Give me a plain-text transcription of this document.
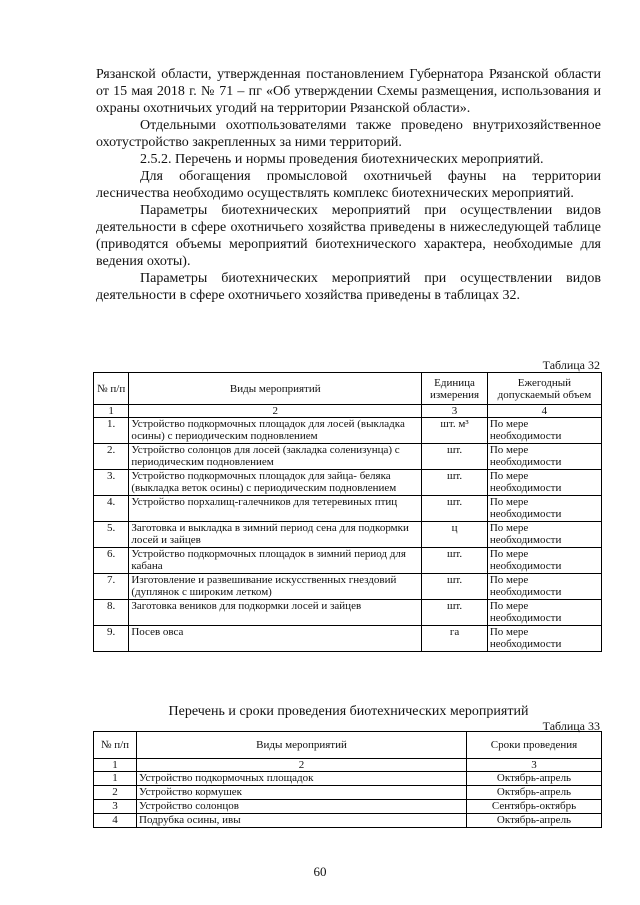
Рязанской области, утвержденная постановлением Губернатора Рязанской области от 15 мая 2018 г. № 71 – пг «Об утверждении Схемы размещения, использования и охраны охотничьих угодий на территории Рязанской области».

Отдельными охотпользователями также проведено внутрихозяйственное охотустройство закрепленных за ними территорий.

2.5.2. Перечень и нормы проведения биотехнических мероприятий.

Для обогащения промысловой охотничьей фауны на территории лесничества необходимо осуществлять комплекс биотехнических мероприятий.

Параметры биотехнических мероприятий при осуществлении видов деятельности в сфере охотничьего хозяйства приведены в нижеследующей таблице (приводятся объемы мероприятий биотехнического характера, необходимые для ведения охоты).

Параметры биотехнических мероприятий при осуществлении видов деятельности в сфере охотничьего хозяйства приведены в таблицах 32.

Таблица 32
№ п/п	Виды мероприятий	Единица измерения	Ежегодный допускаемый объем
1	2	3	4
1.	Устройство подкормочных площадок для лосей (выкладка осины) с периодическим подновлением	шт. м³	По мере необходимости
2.	Устройство солонцов для лосей (закладка соленизунца) с периодическим подновлением	шт.	По мере необходимости
3.	Устройство подкормочных площадок для зайца- беляка (выкладка веток осины) с периодическим подновлением	шт.	По мере необходимости
4.	Устройство порхалищ-галечников для тетеревиных птиц	шт.	По мере необходимости
5.	Заготовка и выкладка в зимний период сена для подкормки лосей и зайцев	ц	По мере необходимости
6.	Устройство подкормочных площадок в зимний период для кабана	шт.	По мере необходимости
7.	Изготовление и развешивание искусственных гнездовий (дуплянок с широким летком)	шт.	По мере необходимости
8.	Заготовка веников для подкормки лосей и зайцев	шт.	По мере необходимости
9.	Посев овса	га	По мере необходимости
Перечень и сроки проведения биотехнических мероприятий
Таблица 33
№ п/п	Виды мероприятий	Сроки проведения
1	2	3
1	Устройство подкормочных площадок	Октябрь-апрель
2	Устройство кормушек	Октябрь-апрель
3	Устройство солонцов	Сентябрь-октябрь
4	Подрубка осины, ивы	Октябрь-апрель
60
